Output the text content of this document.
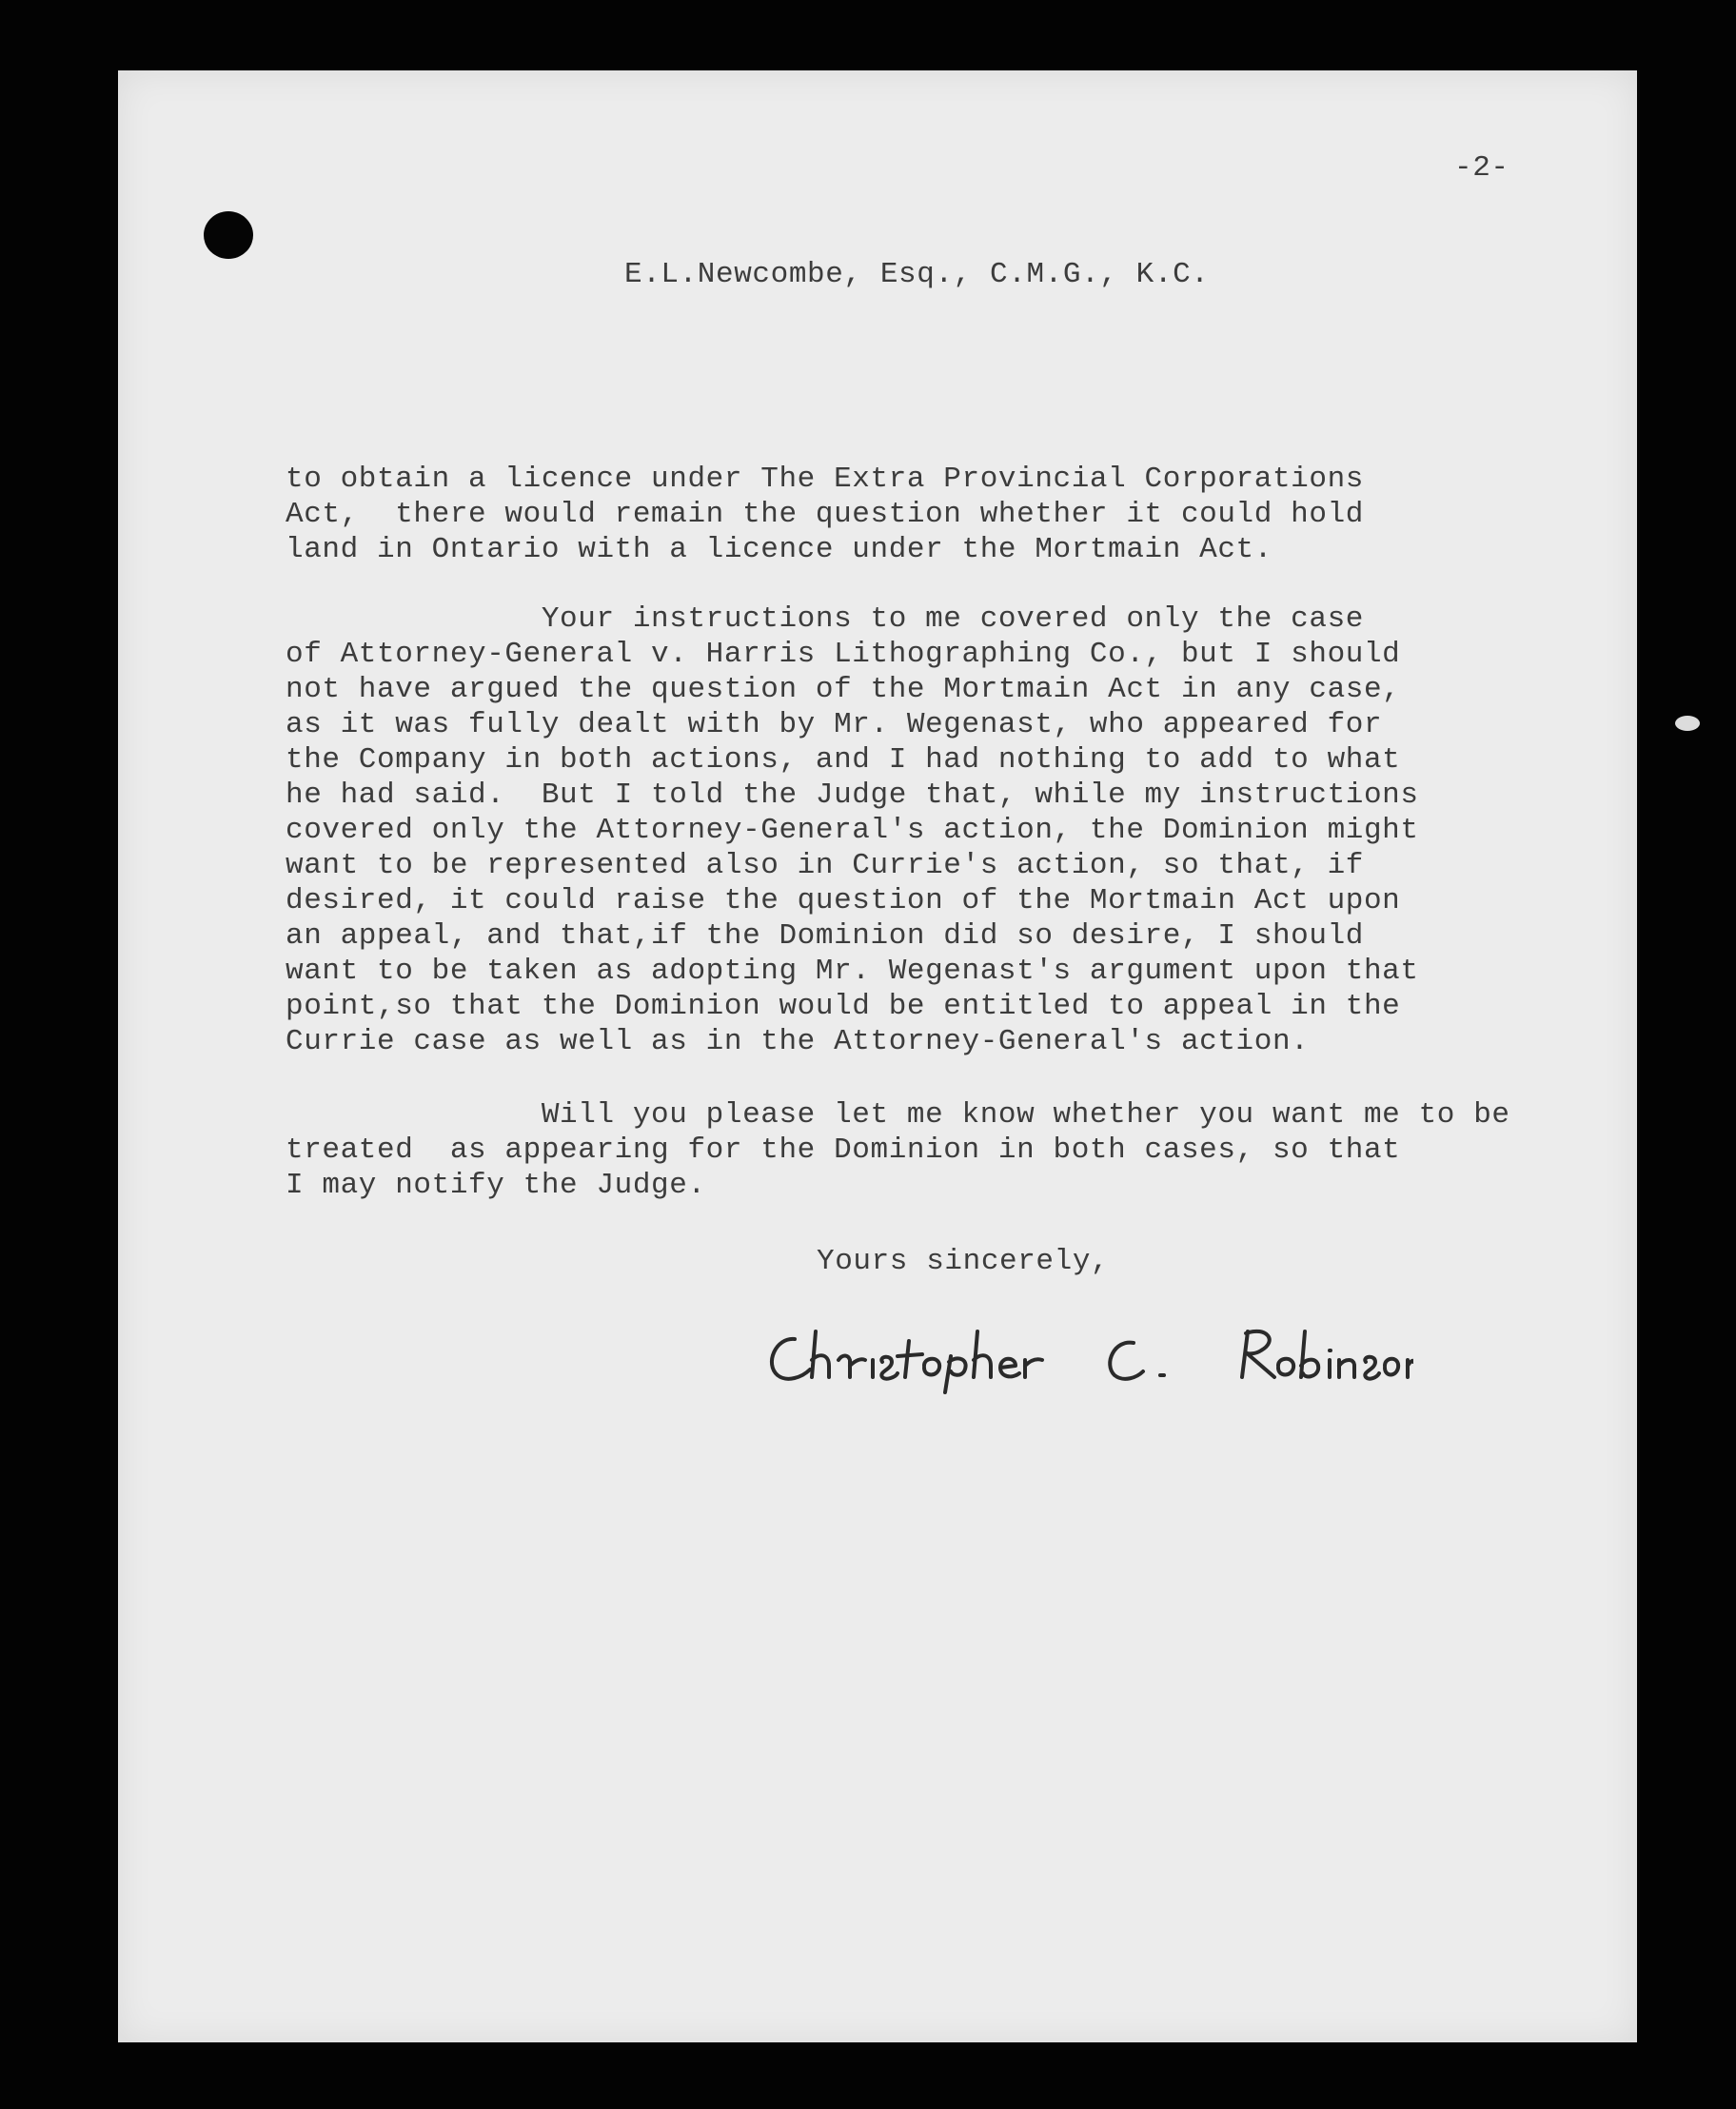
-2-
E.L.Newcombe, Esq., C.M.G., K.C.
to obtain a licence under The Extra Provincial Corporations
Act,  there would remain the question whether it could hold
land in Ontario with a licence under the Mortmain Act.
Your instructions to me covered only the case
of Attorney-General v. Harris Lithographing Co., but I should
not have argued the question of the Mortmain Act in any case,
as it was fully dealt with by Mr. Wegenast, who appeared for
the Company in both actions, and I had nothing to add to what
he had said.  But I told the Judge that, while my instructions
covered only the Attorney-General's action, the Dominion might
want to be represented also in Currie's action, so that, if
desired, it could raise the question of the Mortmain Act upon
an appeal, and that,if the Dominion did so desire, I should
want to be taken as adopting Mr. Wegenast's argument upon that
point,so that the Dominion would be entitled to appeal in the
Currie case as well as in the Attorney-General's action.
Will you please let me know whether you want me to be
treated  as appearing for the Dominion in both cases, so that
I may notify the Judge.
Yours sincerely,
